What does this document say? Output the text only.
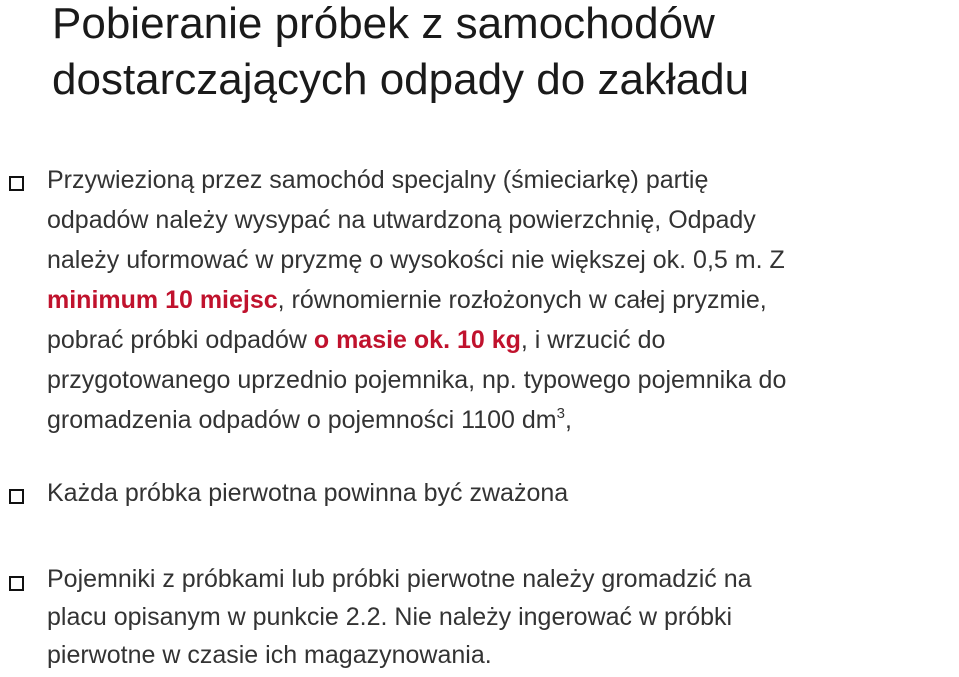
Pobieranie próbek z samochodów
dostarczających odpady do zakładu
Przywiezioną przez samochód specjalny (śmieciarkę) partię
odpadów należy wysypać na utwardzoną powierzchnię, Odpady
należy uformować w pryzmę o wysokości nie większej ok. 0,5 m. Z
minimum 10 miejsc, równomiernie rozłożonych w całej pryzmie,
pobrać próbki odpadów o masie ok. 10 kg, i wrzucić do
przygotowanego uprzednio pojemnika, np. typowego pojemnika do
gromadzenia odpadów o pojemności 1100 $dm^3$,
Każda próbka pierwotna powinna być zważona
Pojemniki z próbkami lub próbki pierwotne należy gromadzić na
placu opisanym w punkcie 2.2. Nie należy ingerować w próbki
pierwotne w czasie ich magazynowania.
